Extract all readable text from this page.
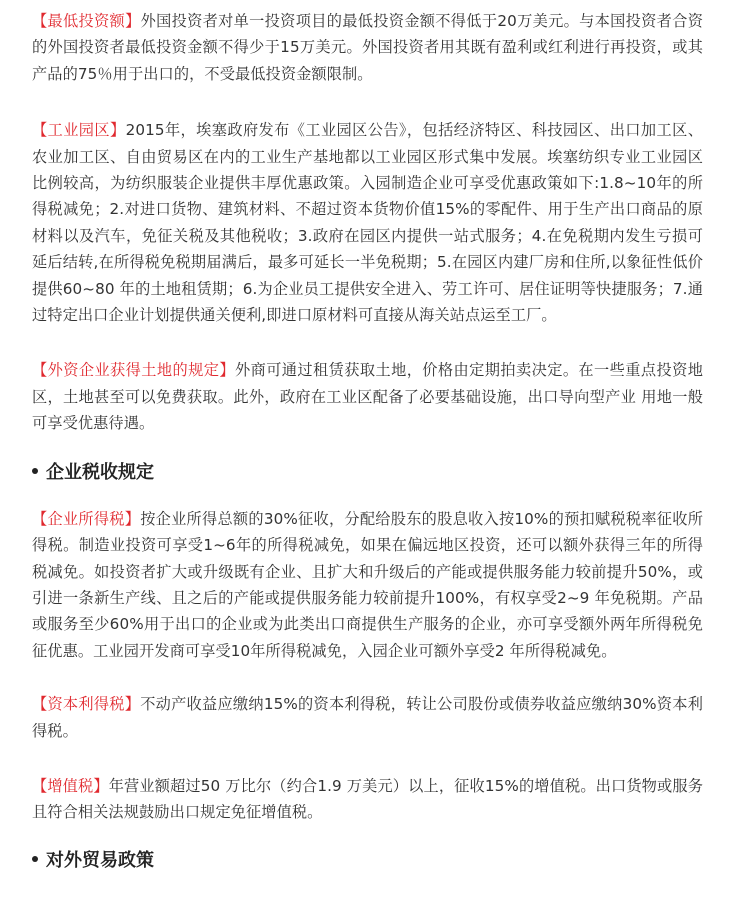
【最低投资额】外国投资者对单一投资项目的最低投资金额不得低于20万美元。与本国投资者合资的外国投资者最低投资金额不得少于15万美元。外国投资者用其既有盈利或红利进行再投资，或其产品的75％用于出口的，不受最低投资金额限制。

【工业园区】2015年，埃塞政府发布《工业园区公告》，包括经济特区、科技园区、出口加工区、农业加工区、自由贸易区在内的工业生产基地都以工业园区形式集中发展。埃塞纺织专业工业园区比例较高，为纺织服装企业提供丰厚优惠政策。入园制造企业可享受优惠政策如下:1.8~10年的所得税减免；2.对进口货物、建筑材料、不超过资本货物价值15%的零配件、用于生产出口商品的原材料以及汽车，免征关税及其他税收；3.政府在园区内提供一站式服务；4.在免税期内发生亏损可延后结转,在所得税免税期届满后，最多可延长一半免税期；5.在园区内建厂房和住所,以象征性低价提供60~80 年的土地租赁期；6.为企业员工提供安全进入、劳工许可、居住证明等快捷服务；7.通过特定出口企业计划提供通关便利,即进口原材料可直接从海关站点运至工厂。

【外资企业获得土地的规定】外商可通过租赁获取土地，价格由定期拍卖决定。在一些重点投资地区，土地甚至可以免费获取。此外，政府在工业区配备了必要基础设施，出口导向型产业 用地一般可享受优惠待遇。

企业税收规定

【企业所得税】按企业所得总额的30%征收，分配给股东的股息收入按10%的预扣赋税税率征收所得税。制造业投资可享受1~6年的所得税减免，如果在偏远地区投资，还可以额外获得三年的所得税减免。如投资者扩大或升级既有企业、且扩大和升级后的产能或提供服务能力较前提升50%，或引进一条新生产线、且之后的产能或提供服务能力较前提升100%，有权享受2~9 年免税期。产品或服务至少60%用于出口的企业或为此类出口商提供生产服务的企业，亦可享受额外两年所得税免征优惠。工业园开发商可享受10年所得税减免，入园企业可额外享受2 年所得税减免。

【资本利得税】不动产收益应缴纳15%的资本利得税，转让公司股份或债券收益应缴纳30%资本利得税。

【增值税】年营业额超过50 万比尔（约合1.9 万美元）以上，征收15%的增值税。出口货物或服务且符合相关法规鼓励出口规定免征增值税。

对外贸易政策
